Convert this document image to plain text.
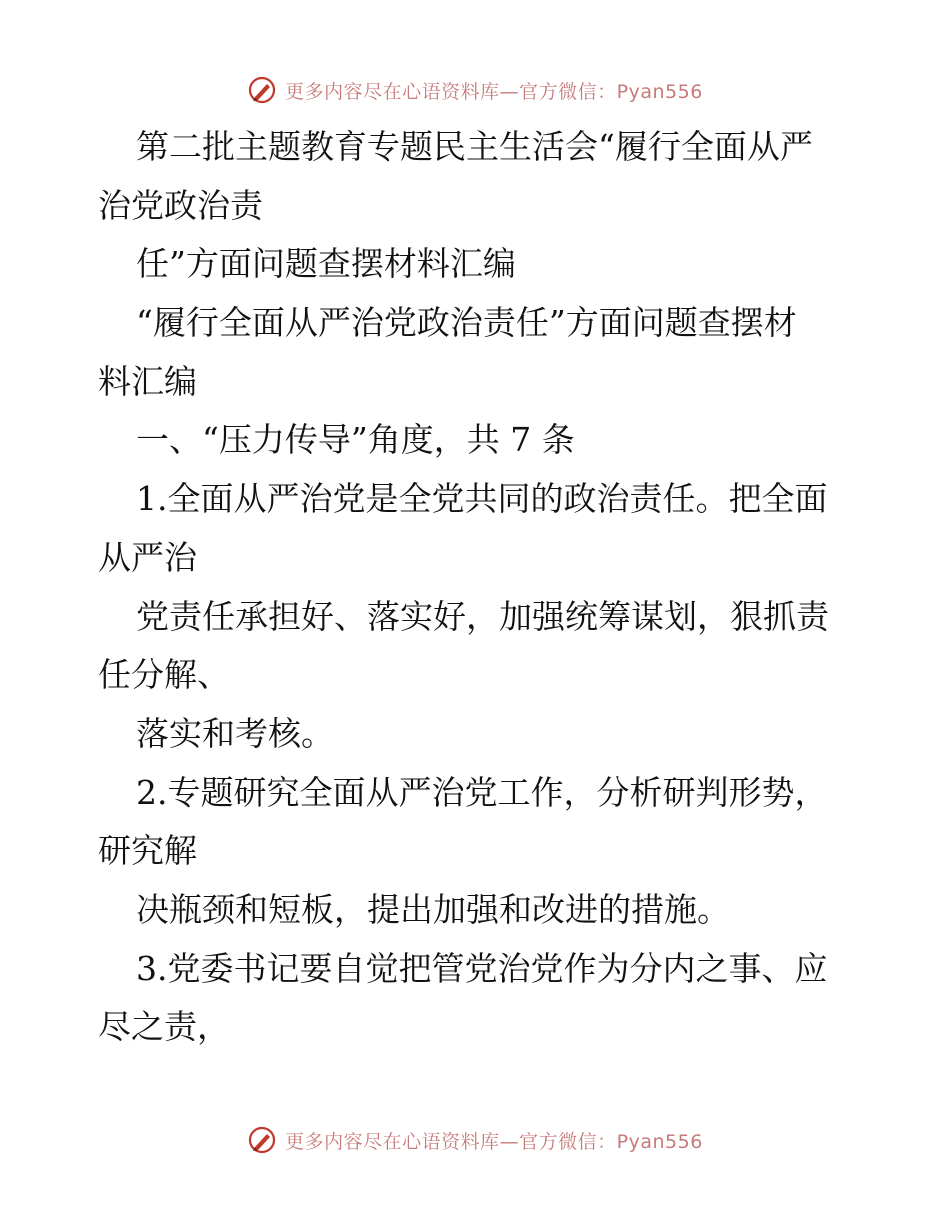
更多内容尽在心语资料库—官方微信：Pyan556
第二批主题教育专题民主生活会“履行全面从严
治党政治责
任”方面问题查摆材料汇编
“履行全面从严治党政治责任”方面问题查摆材
料汇编
一、“压力传导”角度，共 7 条
1.全面从严治党是全党共同的政治责任。把全面
从严治
党责任承担好、落实好，加强统筹谋划，狠抓责
任分解、
落实和考核。
2.专题研究全面从严治党工作，分析研判形势，
研究解
决瓶颈和短板，提出加强和改进的措施。
3.党委书记要自觉把管党治党作为分内之事、应
尽之责，
更多内容尽在心语资料库—官方微信：Pyan556
